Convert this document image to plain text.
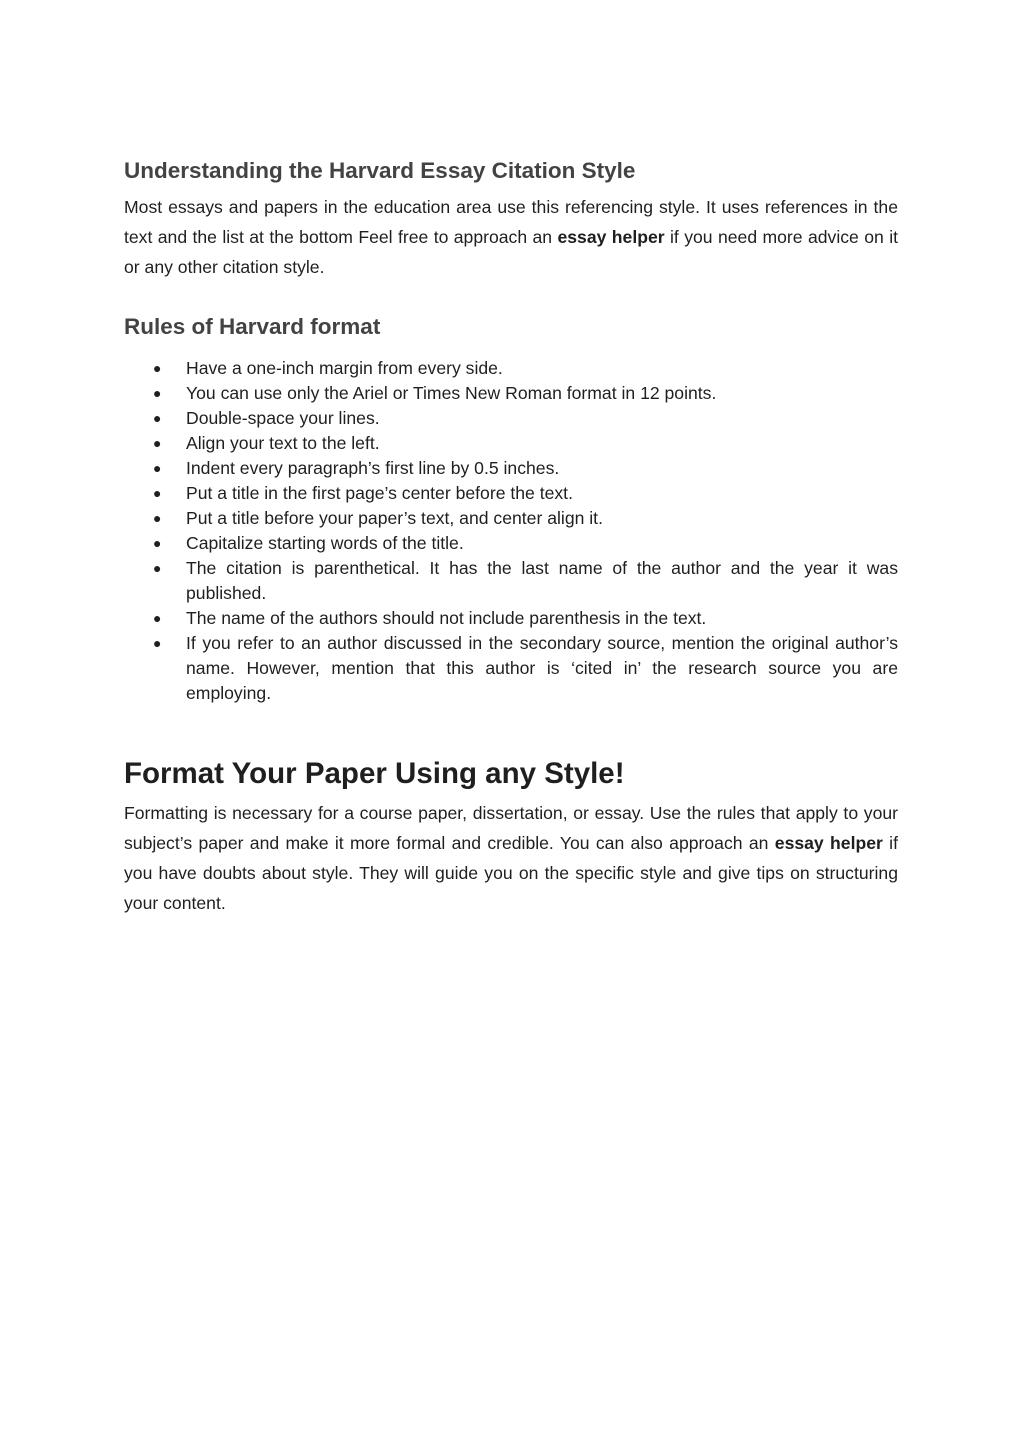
Understanding the Harvard Essay Citation Style

Most essays and papers in the education area use this referencing style. It uses references in the text and the list at the bottom Feel free to approach an essay helper if you need more advice on it or any other citation style.

Rules of Harvard format
● Have a one-inch margin from every side.
● You can use only the Ariel or Times New Roman format in 12 points.
● Double-space your lines.
● Align your text to the left.
● Indent every paragraph’s first line by 0.5 inches.
● Put a title in the first page’s center before the text.
● Put a title before your paper’s text, and center align it.
● Capitalize starting words of the title.
● The citation is parenthetical. It has the last name of the author and the year it was published.
● The name of the authors should not include parenthesis in the text.
● If you refer to an author discussed in the secondary source, mention the original author’s name. However, mention that this author is ‘cited in’ the research source you are employing.
Format Your Paper Using any Style!

Formatting is necessary for a course paper, dissertation, or essay. Use the rules that apply to your subject’s paper and make it more formal and credible. You can also approach an essay helper if you have doubts about style. They will guide you on the specific style and give tips on structuring your content.
